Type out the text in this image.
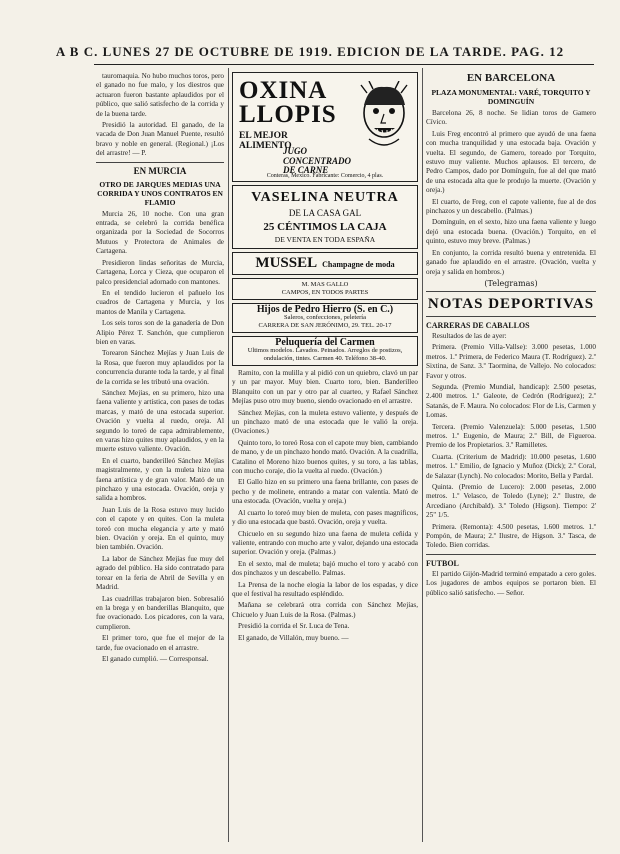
A B C. LUNES 27 DE OCTUBRE DE 1919. EDICION DE LA TARDE. PAG. 12

tauromaquia. No hubo muchos toros, pero el ganado no fue malo, y los diestros que actuaron fueron bastante aplaudidos por el público, que salió satisfecho de la corrida y de la buena tarde.

Presidió la autoridad. El ganado, de la vacada de Don Juan Manuel Puente, resultó bravo y noble en general. (Regional.) ¡Los del arrastre! — P.

EN MURCIA
OTRO DE JARQUES MEDIAS UNA CORRIDA Y UNOS CONTRATOS EN FLAMIO

Murcia 26, 10 noche. Con una gran entrada, se celebró la corrida benéfica organizada por la Sociedad de Socorros Mutuos y Protectora de Animales de Cartagena.

Presidieron lindas señoritas de Murcia, Cartagena, Lorca y Cieza, que ocuparon el palco presidencial adornado con mantones.

En el tendido lucieron el pañuelo los cuadros de Cartagena y Murcia, y los mantos de Manila y Cartagena.

Los seis toros son de la ganadería de Don Alipio Pérez T. Sanchón, que cumplieron bien en varas.

Torearon Sánchez Mejías y Juan Luis de la Rosa, que fueron muy aplaudidos por la concurrencia durante toda la tarde, y al final de la corrida se les tributó una ovación.

Sánchez Mejías, en su primero, hizo una faena valiente y artística, con pases de todas marcas, y mató de una estocada superior. Ovación y vuelta al ruedo, oreja. Al segundo lo toreó de capa admirablemente, en varas hizo quites muy aplaudidos, y en la muerte estuvo valiente. Ovación.

En el cuarto, banderilleó Sánchez Mejías magistralmente, y con la muleta hizo una faena artística y de gran valor. Mató de un pinchazo y una estocada. Ovación, oreja y salida a hombros.

Juan Luis de la Rosa estuvo muy lucido con el capote y en quites. Con la muleta toreó con mucha elegancia y arte y mató bien. Ovación y oreja. En el quinto, muy bien también. Ovación.

La labor de Sánchez Mejías fue muy del agrado del público. Ha sido contratado para torear en la feria de Abril de Sevilla y en Madrid.

Las cuadrillas trabajaron bien. Sobresalió en la brega y en banderillas Blanquito, que fue ovacionado. Los picadores, con la vara, cumplieron.

El primer toro, que fue el mejor de la tarde, fue ovacionado en el arrastre.

El ganado cumplió. — Corresponsal.

OXINA
LLOPIS
EL MEJOR
ALIMENTO
JUGO
CONCENTRADO
DE CARNE
Conteras, Mexico. Fabricante: Comercio, 4 plas.
VASELINA NEUTRA
DE LA CASA GAL
25 CÉNTIMOS LA CAJA
DE VENTA EN TODA ESPAÑA
MUSSEL Champagne de moda
M. MAS GALLO
CAMPOS, EN TODOS PARTES
Hijos de Pedro Hierro (S. en C.)
Saleros, confecciones, peletería
CARRERA DE SAN JERÓNIMO, 29. TEL. 20-17
Peluquería del Carmen
Ultimos modelos. Lavados. Peinados. Arreglos de postizos, ondulación, tintes. Carmen 40. Teléfono 38-40.

Ramito, con la mulilla y al pidió con un quiebro, clavó un par y un par mayor. Muy bien. Cuarto toro, bien. Banderilleo Blanquito con un par y otro par al cuarteo, y Rafael Sánchez Mejías puso otro muy bueno, siendo ovacionado en el arrastre.

Sánchez Mejías, con la muleta estuvo valiente, y después de un pinchazo mató de una estocada que le valió la oreja. (Ovaciones.)

Quinto toro, lo toreó Rosa con el capote muy bien, cambiando de mano, y de un pinchazo hondo mató. Ovación. A la cuadrilla, Catalino el Moreno hizo buenos quites, y su toro, a las tablas, con mucho coraje, dio la vuelta al ruedo. (Ovación.)

El Gallo hizo en su primero una faena brillante, con pases de pecho y de molinete, entrando a matar con valentía. Mató de una estocada. (Ovación, vuelta y oreja.)

Al cuarto lo toreó muy bien de muleta, con pases magníficos, y dio una estocada que bastó. Ovación, oreja y vuelta.

Chicuelo en su segundo hizo una faena de muleta ceñida y valiente, entrando con mucho arte y valor, dejando una estocada superior. Ovación y oreja. (Palmas.)

En el sexto, mal de muleta; bajó mucho el toro y acabó con dos pinchazos y un descabello. Palmas.

La Prensa de la noche elogia la labor de los espadas, y dice que el festival ha resultado espléndido.

Mañana se celebrará otra corrida con Sánchez Mejías, Chicuelo y Juan Luis de la Rosa. (Palmas.)

Presidió la corrida el Sr. Luca de Tena.

El ganado, de Villalón, muy bueno. —

EN BARCELONA
PLAZA MONUMENTAL: VARÉ, TORQUITO Y DOMINGUÍN

Barcelona 26, 8 noche. Se lidian toros de Gamero Cívico.

Luis Freg encontró al primero que ayudó de una faena con mucha tranquilidad y una estocada baja. Ovación y vuelta. El segundo, de Gamero, toreado por Torquito, estuvo muy valiente. Muchos aplausos. El tercero, de Pedro Campos, dado por Domínguín, fue al del que mató de una estocada alta que le produjo la muerte. (Ovación y oreja.)

El cuarto, de Freg, con el capote valiente, fue al de dos pinchazos y un descabello. (Palmas.)

Domínguín, en el sexto, hizo una faena valiente y luego dejó una estocada buena. (Ovación.) Torquito, en el quinto, estuvo muy breve. (Palmas.)

En conjunto, la corrida resultó buena y entretenida. El ganado fue aplaudido en el arrastre. (Ovación, vuelta y oreja y salida en hombros.)

(Telegramas)
NOTAS DEPORTIVAS
CARRERAS DE CABALLOS

Resultados de las de ayer:

Primera. (Premio Villa-Vallse): 3.000 pesetas, 1.000 metros. 1.º Primera, de Federico Maura (T. Rodríguez). 2.º Sixtina, de Sanz. 3.º Taormina, de Vallejo. No colocados: Favor y otros.

Segunda. (Premio Mundial, handicap): 2.500 pesetas, 2.400 metros. 1.º Galeote, de Cedrón (Rodríguez); 2.º Satanás, de F. Maura. No colocados: Flor de Lis, Carmen y Lomas.

Tercera. (Premio Valenzuela): 5.000 pesetas, 1.500 metros. 1.º Eugenio, de Maura; 2.º Bill, de Figueroa. Premio de los Propietarios. 3.º Ramilletes.

Cuarta. (Criterium de Madrid): 10.000 pesetas, 1.600 metros. 1.º Emilio, de Ignacio y Muñoz (Dick); 2.º Coral, de Salazar (Lynch). No colocados: Morito, Bella y Pardal.

Quinta. (Premio de Lucero): 2.000 pesetas, 2.000 metros. 1.º Velasco, de Toledo (Lyne); 2.º Ilustre, de Arcediano (Archibald). 3.º Toledo (Higson). Tiempo: 2' 25" 1/5.

Primera. (Remonta): 4.500 pesetas, 1.600 metros. 1.º Pompón, de Maura; 2.º Ilustre, de Higson. 3.º Tasca, de Toledo. Bien corridas.

FUTBOL

El partido Gijón-Madrid terminó empatado a cero goles. Los jugadores de ambos equipos se portaron bien. El público salió satisfecho. — Señor.
